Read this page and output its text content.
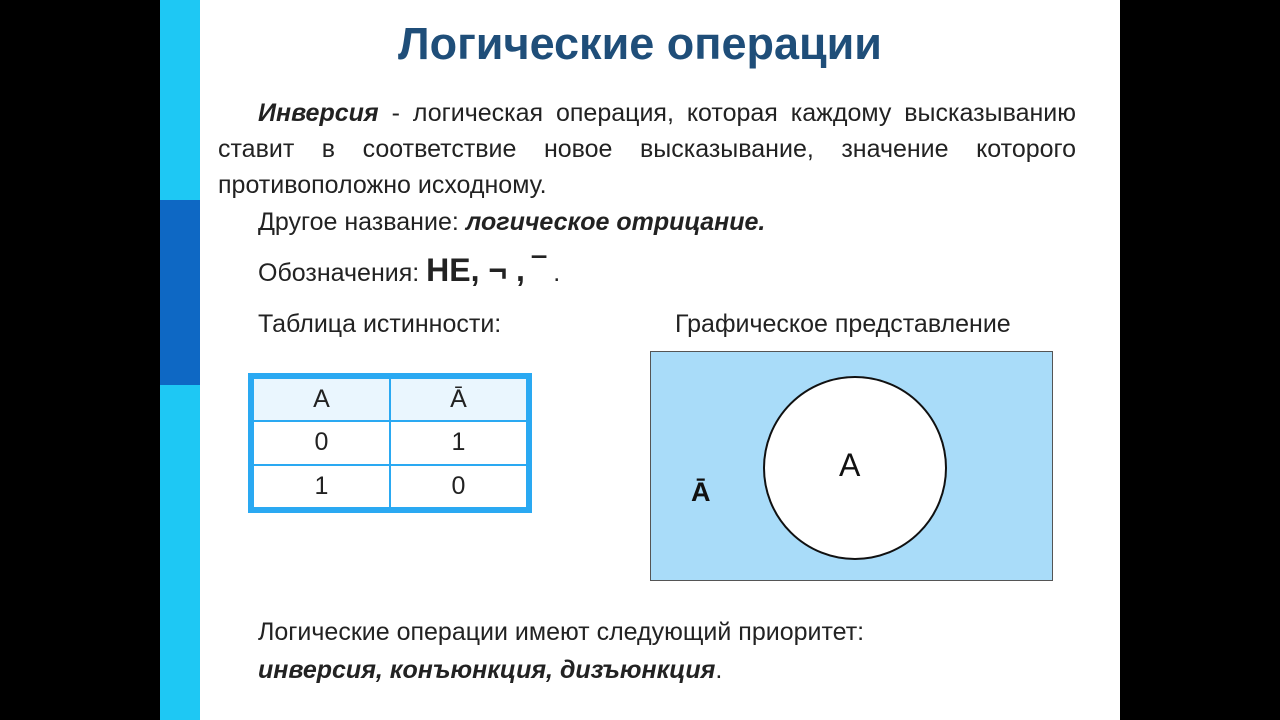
Логические операции
Инверсия - логическая операция, которая каждому высказыванию ставит в соответствие новое высказывание, значение которого противоположно исходному.
Другое название: логическое отрицание.
Обозначения: НЕ, ¬ , ‾ .
Таблица истинности:	Графическое представление
A	Ā
0	1
1	0
A
Ā
Логические операции имеют следующий приоритет:
инверсия, конъюнкция, дизъюнкция.
